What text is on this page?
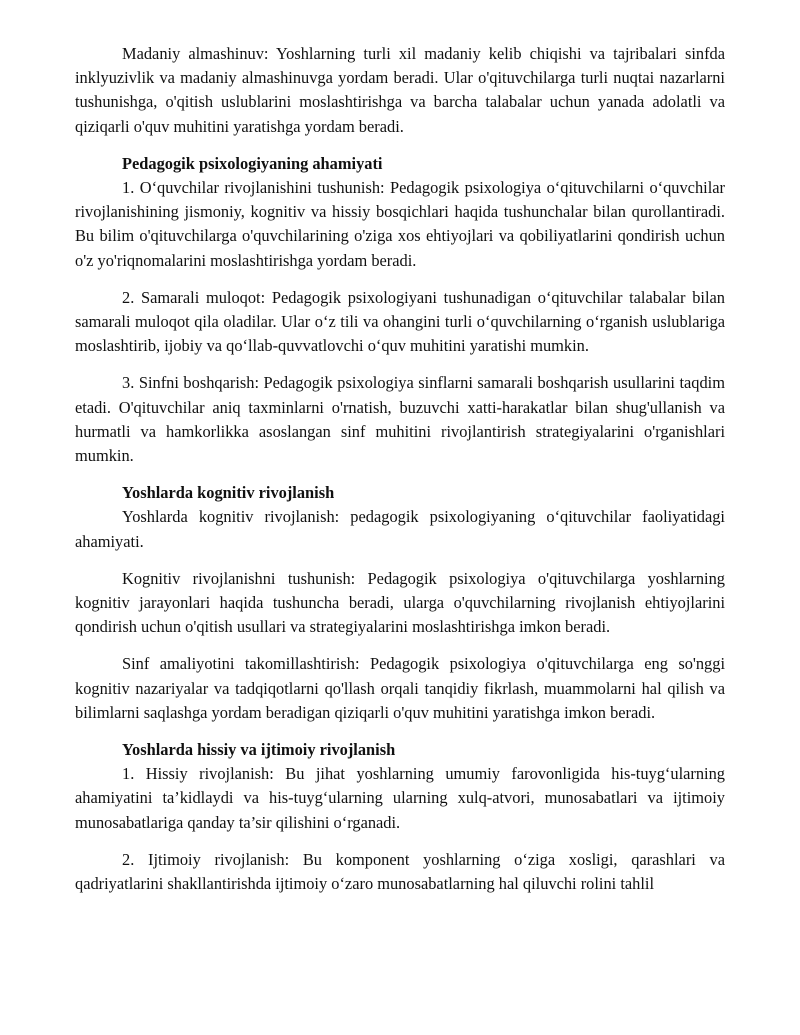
Madaniy almashinuv: Yoshlarning turli xil madaniy kelib chiqishi va tajribalari sinfda inklyuzivlik va madaniy almashinuvga yordam beradi. Ular o'qituvchilarga turli nuqtai nazarlarni tushunishga, o'qitish uslublarini moslashtirishga va barcha talabalar uchun yanada adolatli va qiziqarli o'quv muhitini yaratishga yordam beradi.

Pedagogik psixologiyaning ahamiyati

1. O‘quvchilar rivojlanishini tushunish: Pedagogik psixologiya o‘qituvchilarni o‘quvchilar rivojlanishining jismoniy, kognitiv va hissiy bosqichlari haqida tushunchalar bilan qurollantiradi. Bu bilim o'qituvchilarga o'quvchilarining o'ziga xos ehtiyojlari va qobiliyatlarini qondirish uchun o'z yo'riqnomalarini moslashtirishga yordam beradi.

2. Samarali muloqot: Pedagogik psixologiyani tushunadigan o‘qituvchilar talabalar bilan samarali muloqot qila oladilar. Ular o‘z tili va ohangini turli o‘quvchilarning o‘rganish uslublariga moslashtirib, ijobiy va qo‘llab-quvvatlovchi o‘quv muhitini yaratishi mumkin.

3. Sinfni boshqarish: Pedagogik psixologiya sinflarni samarali boshqarish usullarini taqdim etadi. O'qituvchilar aniq taxminlarni o'rnatish, buzuvchi xatti-harakatlar bilan shug'ullanish va hurmatli va hamkorlikka asoslangan sinf muhitini rivojlantirish strategiyalarini o'rganishlari mumkin.

Yoshlarda kognitiv rivojlanish

Yoshlarda kognitiv rivojlanish: pedagogik psixologiyaning o‘qituvchilar faoliyatidagi ahamiyati.

Kognitiv rivojlanishni tushunish: Pedagogik psixologiya o'qituvchilarga yoshlarning kognitiv jarayonlari haqida tushuncha beradi, ularga o'quvchilarning rivojlanish ehtiyojlarini qondirish uchun o'qitish usullari va strategiyalarini moslashtirishga imkon beradi.

Sinf amaliyotini takomillashtirish: Pedagogik psixologiya o'qituvchilarga eng so'nggi kognitiv nazariyalar va tadqiqotlarni qo'llash orqali tanqidiy fikrlash, muammolarni hal qilish va bilimlarni saqlashga yordam beradigan qiziqarli o'quv muhitini yaratishga imkon beradi.

Yoshlarda hissiy va ijtimoiy rivojlanish

1. Hissiy rivojlanish: Bu jihat yoshlarning umumiy farovonligida his-tuyg‘ularning ahamiyatini ta’kidlaydi va his-tuyg‘ularning ularning xulq-atvori, munosabatlari va ijtimoiy munosabatlariga qanday ta’sir qilishini o‘rganadi.

2. Ijtimoiy rivojlanish: Bu komponent yoshlarning o‘ziga xosligi, qarashlari va qadriyatlarini shakllantirishda ijtimoiy o‘zaro munosabatlarning hal qiluvchi rolini tahlil
